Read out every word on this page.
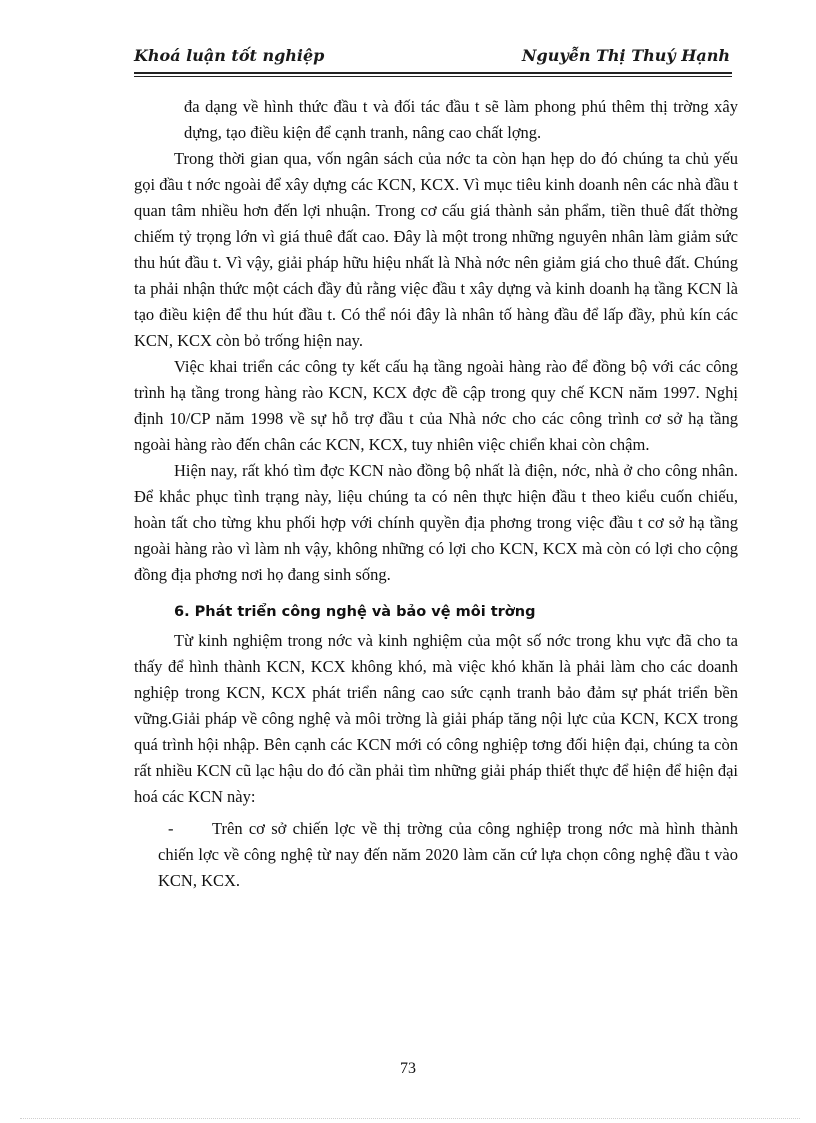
Khoá luận tốt nghiệp	Nguyễn Thị Thuý Hạnh

đa dạng về hình thức đầu t và đối tác đầu t sẽ làm phong phú thêm thị trờng xây dựng, tạo điều kiện để cạnh tranh, nâng cao chất lợng.

Trong thời gian qua, vốn ngân sách của nớc ta còn hạn hẹp do đó chúng ta chủ yếu gọi đầu t nớc ngoài để xây dựng các KCN, KCX. Vì mục tiêu kinh doanh nên các nhà đầu t quan tâm nhiều hơn đến lợi nhuận. Trong cơ cấu giá thành sản phẩm, tiền thuê đất thờng chiếm tỷ trọng lớn vì giá thuê đất cao. Đây là một trong những nguyên nhân làm giảm sức thu hút đầu t. Vì vậy, giải pháp hữu hiệu nhất là Nhà nớc nên giảm giá cho thuê đất. Chúng ta phải nhận thức một cách đầy đủ rằng việc đầu t xây dựng và kinh doanh hạ tầng KCN là tạo điều kiện để thu hút đầu t. Có thể nói đây là nhân tố hàng đầu để lấp đầy, phủ kín các KCN, KCX còn bỏ trống hiện nay.

Việc khai triển các công ty kết cấu hạ tầng ngoài hàng rào để đồng bộ với các công trình hạ tầng trong hàng rào KCN, KCX đợc đề cập trong quy chế KCN năm 1997. Nghị định 10/CP năm 1998 về sự hỗ trợ đầu t của Nhà nớc cho các công trình cơ sở hạ tầng ngoài hàng rào đến chân các KCN, KCX, tuy nhiên việc chiển khai còn chậm.

Hiện nay, rất khó tìm đợc KCN nào đồng bộ nhất là điện, nớc, nhà ở cho công nhân. Để khắc phục tình trạng này, liệu chúng ta có nên thực hiện đầu t theo kiểu cuốn chiếu, hoàn tất cho từng khu phối hợp với chính quyền địa phơng trong việc đầu t cơ sở hạ tầng ngoài hàng rào vì làm nh vậy, không những có lợi cho KCN, KCX mà còn có lợi cho cộng đồng địa phơng nơi họ đang sinh sống.

6. Phát triển công nghệ và bảo vệ môi trờng

Từ kinh nghiệm trong nớc và kinh nghiệm của một số nớc trong khu vực đã cho ta thấy để hình thành KCN, KCX không khó, mà việc khó khăn là phải làm cho các doanh nghiệp trong KCN, KCX phát triển nâng cao sức cạnh tranh bảo đảm sự phát triển bền vững.Giải pháp về công nghệ và môi trờng là giải pháp tăng nội lực của KCN, KCX trong quá trình hội nhập. Bên cạnh các KCN mới có công nghiệp tơng đối hiện đại, chúng ta còn rất nhiều KCN cũ lạc hậu do đó cần phải tìm những giải pháp thiết thực để hiện để hiện đại hoá các KCN này:

-	Trên cơ sở chiến lợc về thị trờng của công nghiệp trong nớc mà hình thành chiến lợc về công nghệ từ nay đến năm 2020 làm căn cứ lựa chọn công nghệ đầu t vào KCN, KCX.
73
